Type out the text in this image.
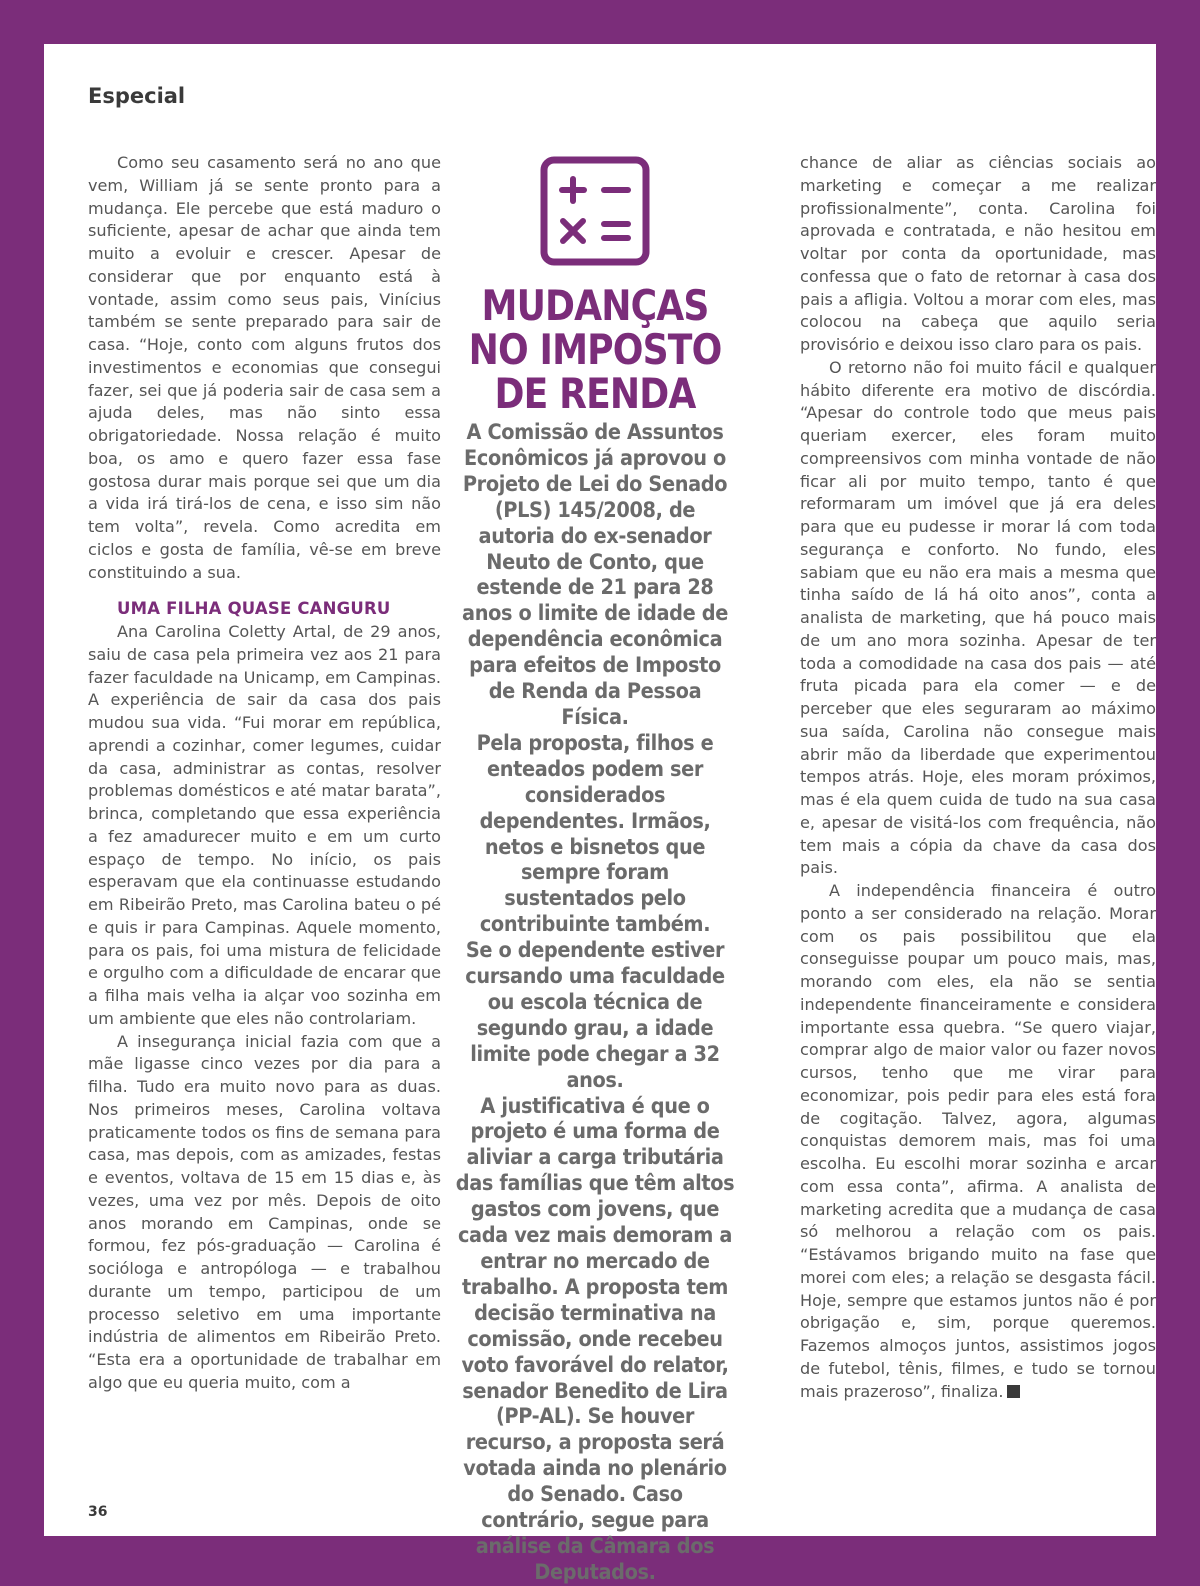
Especial

Como seu casamento será no ano que vem, William já se sente pronto para a mudança. Ele percebe que está maduro o suficiente, apesar de achar que ainda tem muito a evoluir e crescer. Apesar de considerar que por enquanto está à vontade, assim como seus pais, Vinícius também se sente preparado para sair de casa. “Hoje, conto com alguns frutos dos investimentos e economias que consegui fazer, sei que já poderia sair de casa sem a ajuda deles, mas não sinto essa obrigatoriedade. Nossa relação é muito boa, os amo e quero fazer essa fase gostosa durar mais porque sei que um dia a vida irá tirá-los de cena, e isso sim não tem volta”, revela. Como acredita em ciclos e gosta de família, vê-se em breve constituindo a sua.

UMA FILHA QUASE CANGURU

Ana Carolina Coletty Artal, de 29 anos, saiu de casa pela primeira vez aos 21 para fazer faculdade na Unicamp, em Campinas. A experiência de sair da casa dos pais mudou sua vida. “Fui morar em república, aprendi a cozinhar, comer legumes, cuidar da casa, administrar as contas, resolver problemas domésticos e até matar barata”, brinca, completando que essa experiência a fez amadurecer muito e em um curto espaço de tempo. No início, os pais esperavam que ela continuasse estudando em Ribeirão Preto, mas Carolina bateu o pé e quis ir para Campinas. Aquele momento, para os pais, foi uma mistura de felicidade e orgulho com a dificuldade de encarar que a filha mais velha ia alçar voo sozinha em um ambiente que eles não controlariam.

A insegurança inicial fazia com que a mãe ligasse cinco vezes por dia para a filha. Tudo era muito novo para as duas. Nos primeiros meses, Carolina voltava praticamente todos os fins de semana para casa, mas depois, com as amizades, festas e eventos, voltava de 15 em 15 dias e, às vezes, uma vez por mês. Depois de oito anos morando em Campinas, onde se formou, fez pós-graduação — Carolina é socióloga e antropóloga — e trabalhou durante um tempo, participou de um processo seletivo em uma importante indústria de alimentos em Ribeirão Preto. “Esta era a oportunidade de trabalhar em algo que eu queria muito, com a

MUDANÇAS NO IMPOSTO DE RENDA

A Comissão de Assuntos Econômicos já aprovou o Projeto de Lei do Senado (PLS) 145/2008, de autoria do ex-senador Neuto de Conto, que estende de 21 para 28 anos o limite de idade de dependência econômica para efeitos de Imposto de Renda da Pessoa Física.

Pela proposta, filhos e enteados podem ser considerados dependentes. Irmãos, netos e bisnetos que sempre foram sustentados pelo contribuinte também.

Se o dependente estiver cursando uma faculdade ou escola técnica de segundo grau, a idade limite pode chegar a 32 anos.

A justificativa é que o projeto é uma forma de aliviar a carga tributária das famílias que têm altos gastos com jovens, que cada vez mais demoram a entrar no mercado de trabalho. A proposta tem decisão terminativa na comissão, onde recebeu voto favorável do relator, senador Benedito de Lira (PP-AL). Se houver recurso, a proposta será votada ainda no plenário do Senado. Caso contrário, segue para análise da Câmara dos Deputados.

chance de aliar as ciências sociais ao marketing e começar a me realizar profissionalmente”, conta. Carolina foi aprovada e contratada, e não hesitou em voltar por conta da oportunidade, mas confessa que o fato de retornar à casa dos pais a afligia. Voltou a morar com eles, mas colocou na cabeça que aquilo seria provisório e deixou isso claro para os pais.

O retorno não foi muito fácil e qualquer hábito diferente era motivo de discórdia. “Apesar do controle todo que meus pais queriam exercer, eles foram muito compreensivos com minha vontade de não ficar ali por muito tempo, tanto é que reformaram um imóvel que já era deles para que eu pudesse ir morar lá com toda segurança e conforto. No fundo, eles sabiam que eu não era mais a mesma que tinha saído de lá há oito anos”, conta a analista de marketing, que há pouco mais de um ano mora sozinha. Apesar de ter toda a comodidade na casa dos pais — até fruta picada para ela comer — e de perceber que eles seguraram ao máximo sua saída, Carolina não consegue mais abrir mão da liberdade que experimentou tempos atrás. Hoje, eles moram próximos, mas é ela quem cuida de tudo na sua casa e, apesar de visitá-los com frequência, não tem mais a cópia da chave da casa dos pais.

A independência financeira é outro ponto a ser considerado na relação. Morar com os pais possibilitou que ela conseguisse poupar um pouco mais, mas, morando com eles, ela não se sentia independente financeiramente e considera importante essa quebra. “Se quero viajar, comprar algo de maior valor ou fazer novos cursos, tenho que me virar para economizar, pois pedir para eles está fora de cogitação. Talvez, agora, algumas conquistas demorem mais, mas foi uma escolha. Eu escolhi morar sozinha e arcar com essa conta”, afirma. A analista de marketing acredita que a mudança de casa só melhorou a relação com os pais. “Estávamos brigando muito na fase que morei com eles; a relação se desgasta fácil. Hoje, sempre que estamos juntos não é por obrigação e, sim, porque queremos. Fazemos almoços juntos, assistimos jogos de futebol, tênis, filmes, e tudo se tornou mais prazeroso”, finaliza.

36
